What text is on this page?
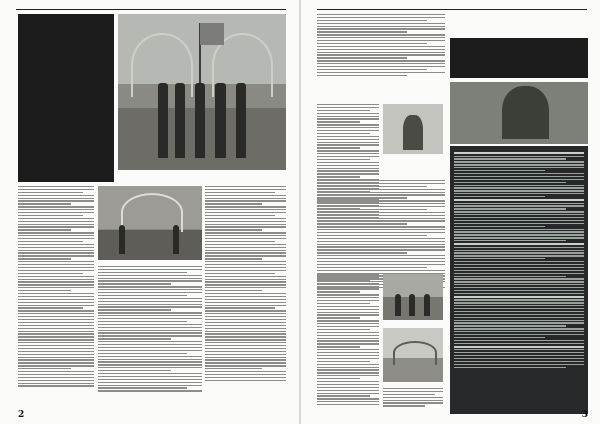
2	3
